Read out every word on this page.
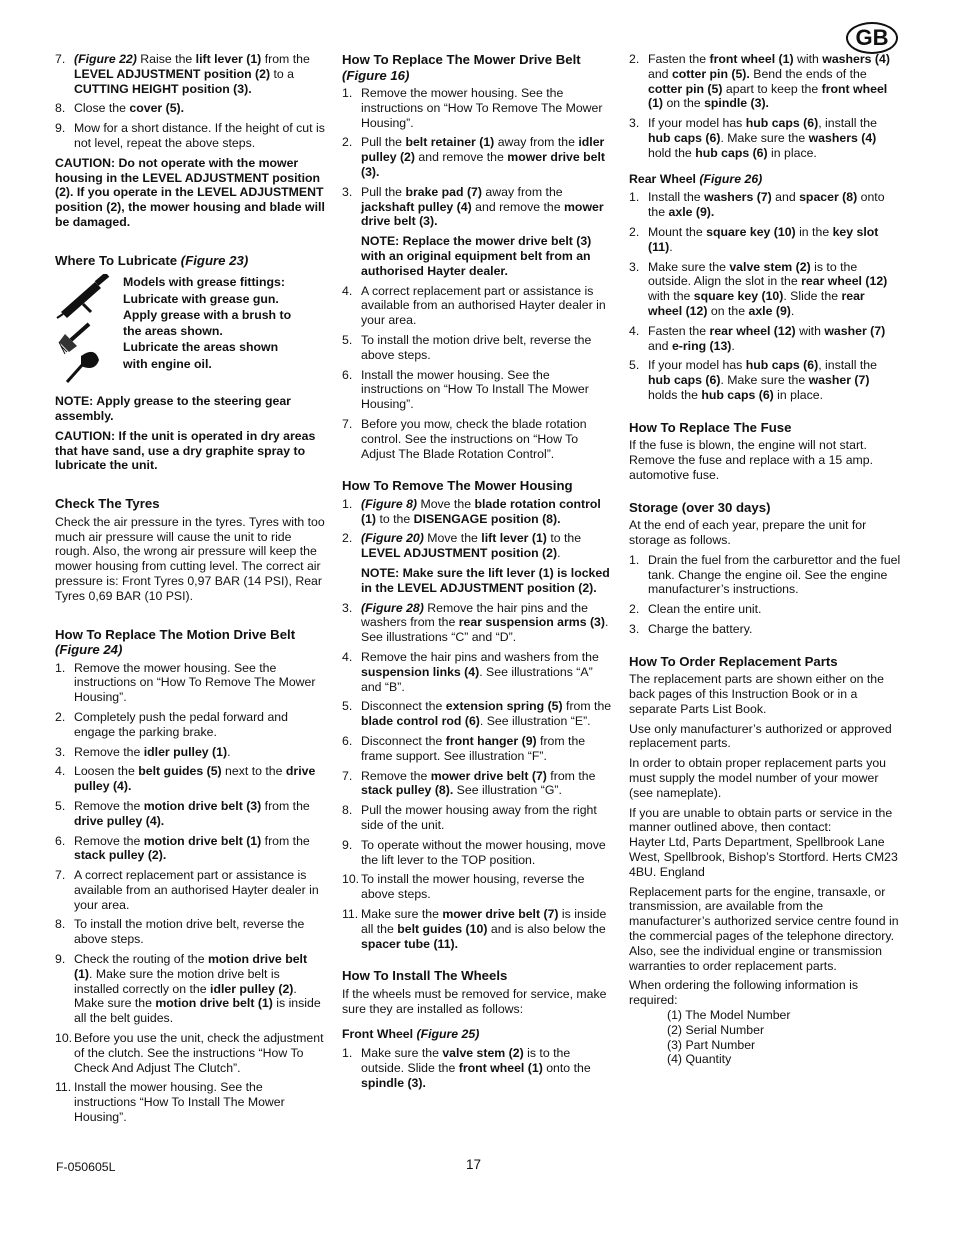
GB
7. (Figure 22) Raise the lift lever (1) from the LEVEL ADJUSTMENT position (2) to a CUTTING HEIGHT position (3).
8. Close the cover (5).
9. Mow for a short distance. If the height of cut is not level, repeat the above steps.

CAUTION: Do not operate with the mower housing in the LEVEL ADJUSTMENT position (2). If you operate in the LEVEL ADJUSTMENT position (2), the mower housing and blade will be damaged.

Where To Lubricate (Figure 23)
Models with grease fittings:
Lubricate with grease gun.
Apply grease with a brush to
the areas shown.
Lubricate the areas shown
with engine oil.

NOTE: Apply grease to the steering gear assembly.

CAUTION: If the unit is operated in dry areas that have sand, use a dry graphite spray to lubricate the unit.

Check The Tyres

Check the air pressure in the tyres. Tyres with too much air pressure will cause the unit to ride rough. Also, the wrong air pressure will keep the mower housing from cutting level. The correct air pressure is: Front Tyres 0,97 BAR (14 PSI), Rear Tyres 0,69 BAR (10 PSI).

How To Replace The Motion Drive Belt (Figure 24)
1. Remove the mower housing. See the instructions on “How To Remove The Mower Housing”.
2. Completely push the pedal forward and engage the parking brake.
3. Remove the idler pulley (1).
4. Loosen the belt guides (5) next to the drive pulley (4).
5. Remove the motion drive belt (3) from the drive pulley (4).
6. Remove the motion drive belt (1) from the stack pulley (2).
7. A correct replacement part or assistance is available from an authorised Hayter dealer in your area.
8. To install the motion drive belt, reverse the above steps.
9. Check the routing of the motion drive belt (1). Make sure the motion drive belt is installed correctly on the idler pulley (2). Make sure the motion drive belt (1) is inside all the belt guides.
10. Before you use the unit, check the adjustment of the clutch. See the instructions “How To Check And Adjust The Clutch”.
11. Install the mower housing. See the instructions “How To Install The Mower Housing”.
How To Replace The Mower Drive Belt (Figure 16)
1. Remove the mower housing. See the instructions on “How To Remove The Mower Housing”.
2. Pull the belt retainer (1) away from the idler pulley (2) and remove the mower drive belt (3).
3. Pull the brake pad (7) away from the jackshaft pulley (4) and remove the mower drive belt (3).

NOTE: Replace the mower drive belt (3) with an original equipment belt from an authorised Hayter dealer.

4. A correct replacement part or assistance is available from an authorised Hayter dealer in your area.
5. To install the motion drive belt, reverse the above steps.
6. Install the mower housing. See the instructions on “How To Install The Mower Housing”.
7. Before you mow, check the blade rotation control. See the instructions on “How To Adjust The Blade Rotation Control”.
How To Remove The Mower Housing
1. (Figure 8) Move the blade rotation control (1) to the DISENGAGE position (8).
2. (Figure 20) Move the lift lever (1) to the LEVEL ADJUSTMENT position (2).

NOTE: Make sure the lift lever (1) is locked in the LEVEL ADJUSTMENT position (2).

3. (Figure 28) Remove the hair pins and the washers from the rear suspension arms (3). See illustrations “C” and “D”.
4. Remove the hair pins and washers from the suspension links (4). See illustrations “A” and “B”.
5. Disconnect the extension spring (5) from the blade control rod (6). See illustration “E”.
6. Disconnect the front hanger (9) from the frame support. See illustration “F”.
7. Remove the mower drive belt (7) from the stack pulley (8). See illustration “G”.
8. Pull the mower housing away from the right side of the unit.
9. To operate without the mower housing, move the lift lever to the TOP position.
10. To install the mower housing, reverse the above steps.
11. Make sure the mower drive belt (7) is inside all the belt guides (10) and is also below the spacer tube (11).
How To Install The Wheels

If the wheels must be removed for service, make sure they are installed as follows:

Front Wheel (Figure 25)
1. Make sure the valve stem (2) is to the outside. Slide the front wheel (1) onto the spindle (3).
2. Fasten the front wheel (1) with washers (4) and cotter pin (5). Bend the ends of the cotter pin (5) apart to keep the front wheel (1) on the spindle (3).
3. If your model has hub caps (6), install the hub caps (6). Make sure the washers (4) hold the hub caps (6) in place.
Rear Wheel (Figure 26)
1. Install the washers (7) and spacer (8) onto the axle (9).
2. Mount the square key (10) in the key slot (11).
3. Make sure the valve stem (2) is to the outside. Align the slot in the rear wheel (12) with the square key (10). Slide the rear wheel (12) on the axle (9).
4. Fasten the rear wheel (12) with washer (7) and e-ring (13).
5. If your model has hub caps (6), install the hub caps (6). Make sure the washer (7) holds the hub caps (6) in place.
How To Replace The Fuse

If the fuse is blown, the engine will not start. Remove the fuse and replace with a 15 amp. automotive fuse.

Storage (over 30 days)

At the end of each year, prepare the unit for storage as follows.

1. Drain the fuel from the carburettor and the fuel tank. Change the engine oil. See the engine manufacturer’s instructions.
2. Clean the entire unit.
3. Charge the battery.
How To Order Replacement Parts

The replacement parts are shown either on the back pages of this Instruction Book or in a separate Parts List Book.

Use only manufacturer’s authorized or approved replacement parts.

In order to obtain proper replacement parts you must supply the model number of your mower (see nameplate).

If you are unable to obtain parts or service in the manner outlined above, then contact:

Hayter Ltd, Parts Department, Spellbrook Lane West, Spellbrook, Bishop’s Stortford. Herts CM23 4BU. England

Replacement parts for the engine, transaxle, or transmission, are available from the manufacturer’s authorized service centre found in the commercial pages of the telephone directory. Also, see the individual engine or transmission warranties to order replacement parts.

When ordering the following information is required:

(1) The Model Number

(2) Serial Number

(3) Part Number

(4) Quantity

F-050605L	17
